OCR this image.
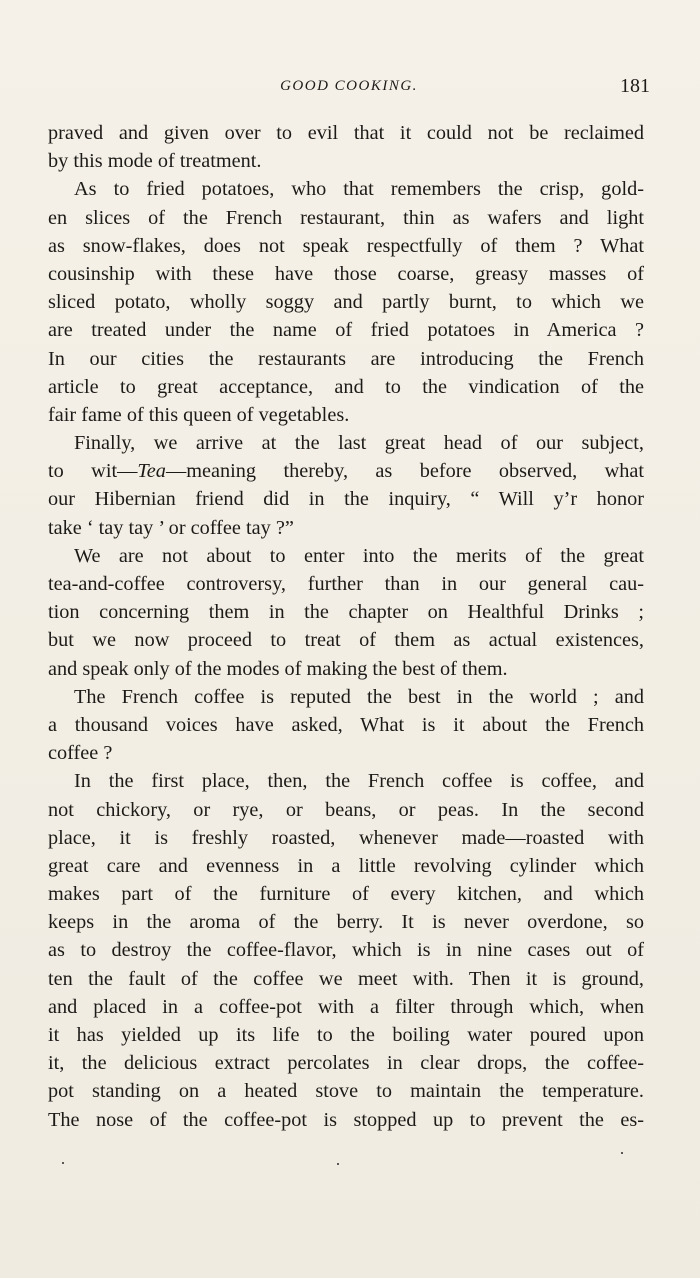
GOOD COOKING.	181
praved and given over to evil that it could not be reclaimed
by this mode of treatment.
As to fried potatoes, who that remembers the crisp, gold-
en slices of the French restaurant, thin as wafers and light
as snow-flakes, does not speak respectfully of them ? What
cousinship with these have those coarse, greasy masses of
sliced potato, wholly soggy and partly burnt, to which we
are treated under the name of fried potatoes in America ?
In our cities the restaurants are introducing the French
article to great acceptance, and to the vindication of the
fair fame of this queen of vegetables.
Finally, we arrive at the last great head of our subject,
to wit—Tea—meaning thereby, as before observed, what
our Hibernian friend did in the inquiry, “ Will y’r honor
take ‘ tay tay ’ or coffee tay ?”
We are not about to enter into the merits of the great
tea-and-coffee controversy, further than in our general cau-
tion concerning them in the chapter on Healthful Drinks ;
but we now proceed to treat of them as actual existences,
and speak only of the modes of making the best of them.
The French coffee is reputed the best in the world ; and
a thousand voices have asked, What is it about the French
coffee ?
In the first place, then, the French coffee is coffee, and
not chickory, or rye, or beans, or peas. In the second
place, it is freshly roasted, whenever made—roasted with
great care and evenness in a little revolving cylinder which
makes part of the furniture of every kitchen, and which
keeps in the aroma of the berry. It is never overdone, so
as to destroy the coffee-flavor, which is in nine cases out of
ten the fault of the coffee we meet with. Then it is ground,
and placed in a coffee-pot with a filter through which, when
it has yielded up its life to the boiling water poured upon
it, the delicious extract percolates in clear drops, the coffee-
pot standing on a heated stove to maintain the temperature.
The nose of the coffee-pot is stopped up to prevent the es-
